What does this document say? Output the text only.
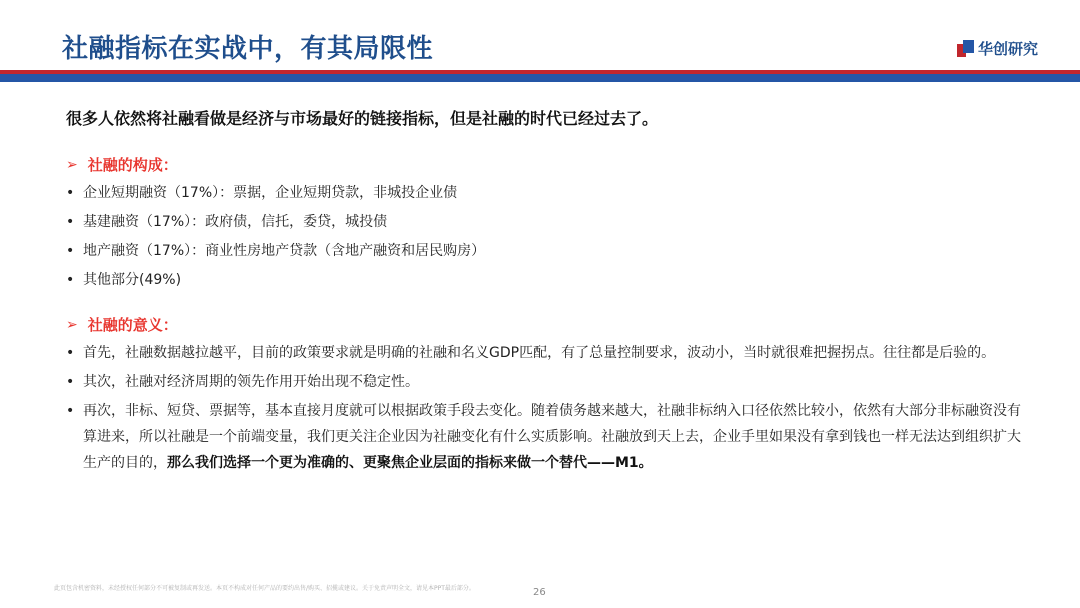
社融指标在实战中，有其局限性	华创研究
很多人依然将社融看做是经济与市场最好的链接指标，但是社融的时代已经过去了。
➢ 社融的构成：
• 企业短期融资（17%）：票据，企业短期贷款，非城投企业债
• 基建融资（17%）：政府债，信托，委贷，城投债
• 地产融资（17%）：商业性房地产贷款（含地产融资和居民购房）
• 其他部分(49%)
➢ 社融的意义：
• 首先，社融数据越拉越平，目前的政策要求就是明确的社融和名义GDP匹配，有了总量控制要求，波动小，当时就很难把握拐点。往往都是后验的。
• 其次，社融对经济周期的领先作用开始出现不稳定性。
• 再次，非标、短贷、票据等，基本直接月度就可以根据政策手段去变化。随着债务越来越大，社融非标纳入口径依然比较小，依然有大部分非标融资没有算进来，所以社融是一个前端变量，我们更关注企业因为社融变化有什么实质影响。社融放到天上去，企业手里如果没有拿到钱也一样无法达到组织扩大生产的目的，那么我们选择一个更为准确的、更聚焦企业层面的指标来做一个替代——M1。
此页包含机密资料，未经授权任何部分不可被复制或再发送。本页不构成对任何产品的要约出售/购买、招揽或建议。关于免责声明全文，请见本PPT最后部分。	26
